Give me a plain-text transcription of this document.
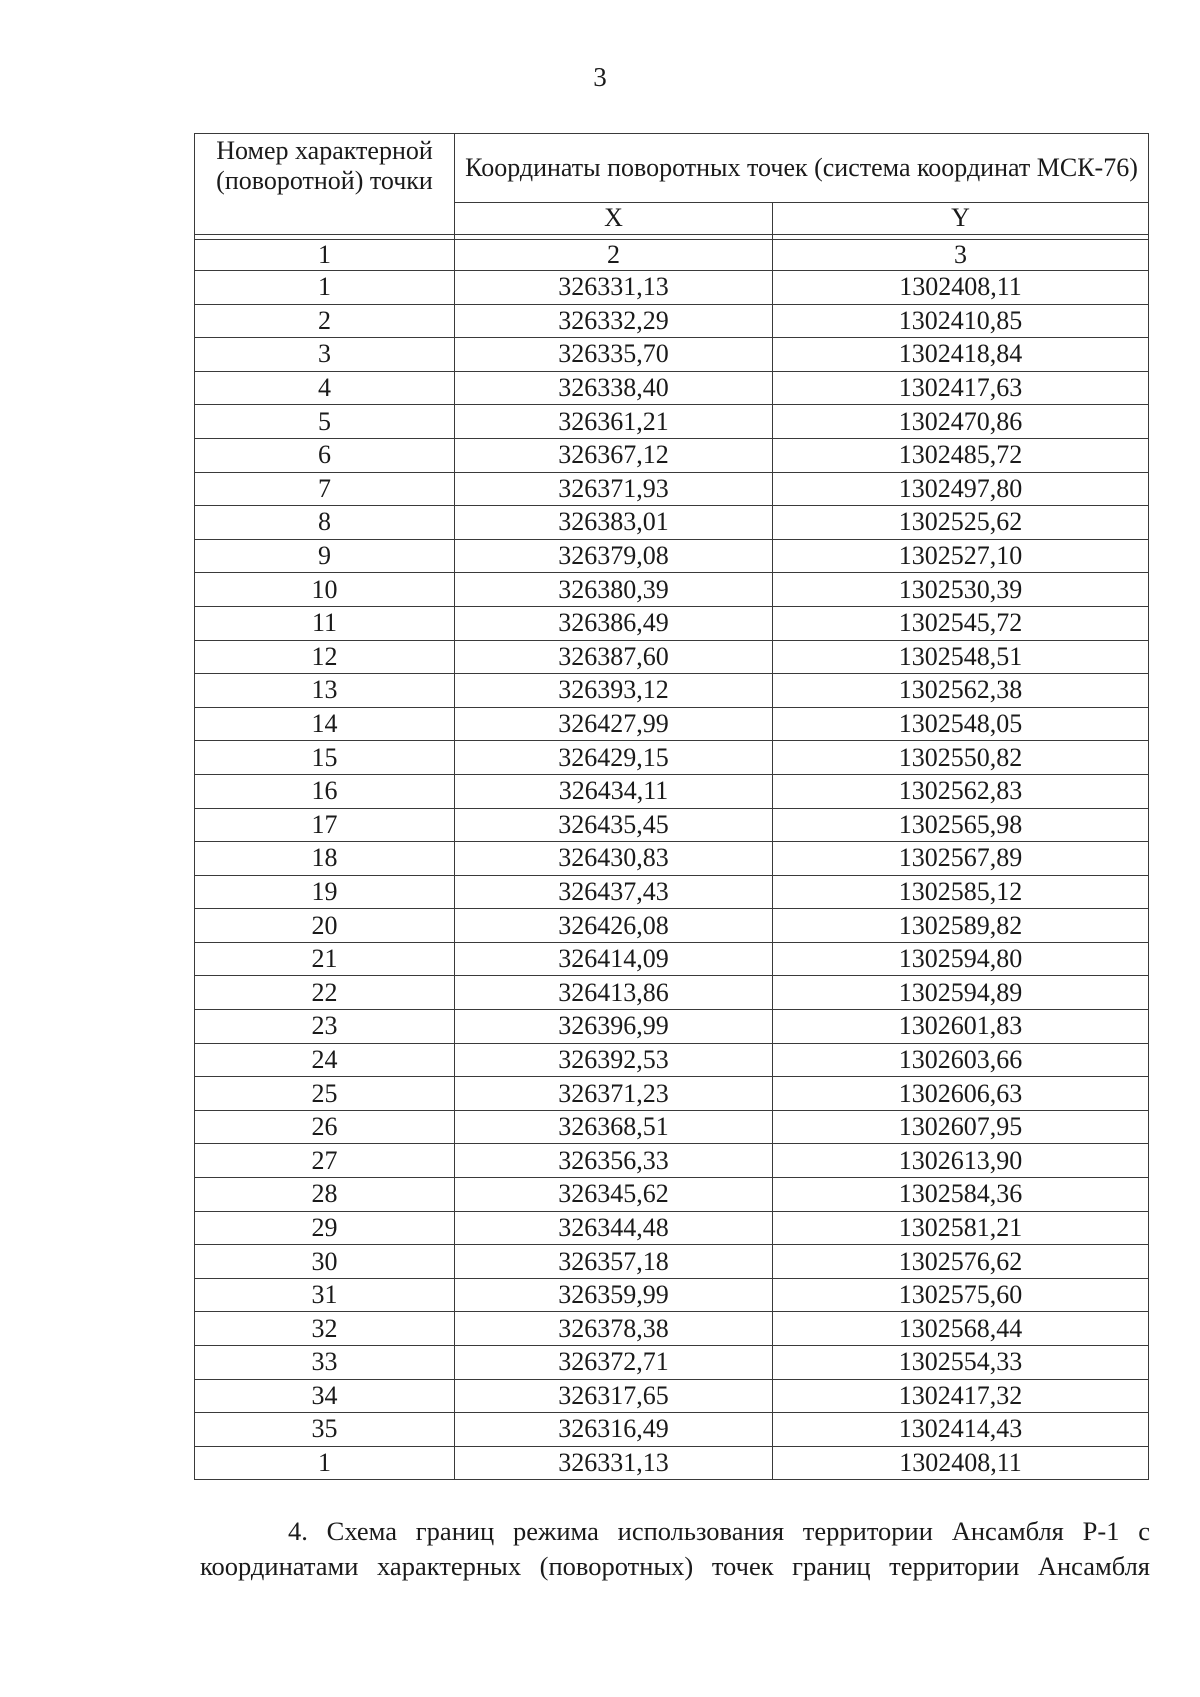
3
Номер характерной (поворотной) точки	Координаты поворотных точек (система координат МСК-76)	
	X	Y

1	2	3
1	326331,13	1302408,11
2	326332,29	1302410,85
3	326335,70	1302418,84
4	326338,40	1302417,63
5	326361,21	1302470,86
6	326367,12	1302485,72
7	326371,93	1302497,80
8	326383,01	1302525,62
9	326379,08	1302527,10
10	326380,39	1302530,39
11	326386,49	1302545,72
12	326387,60	1302548,51
13	326393,12	1302562,38
14	326427,99	1302548,05
15	326429,15	1302550,82
16	326434,11	1302562,83
17	326435,45	1302565,98
18	326430,83	1302567,89
19	326437,43	1302585,12
20	326426,08	1302589,82
21	326414,09	1302594,80
22	326413,86	1302594,89
23	326396,99	1302601,83
24	326392,53	1302603,66
25	326371,23	1302606,63
26	326368,51	1302607,95
27	326356,33	1302613,90
28	326345,62	1302584,36
29	326344,48	1302581,21
30	326357,18	1302576,62
31	326359,99	1302575,60
32	326378,38	1302568,44
33	326372,71	1302554,33
34	326317,65	1302417,32
35	326316,49	1302414,43
1	326331,13	1302408,11
4. Схема границ режима использования территории Ансамбля Р-1 с
координатами характерных (поворотных) точек границ территории Ансамбля
